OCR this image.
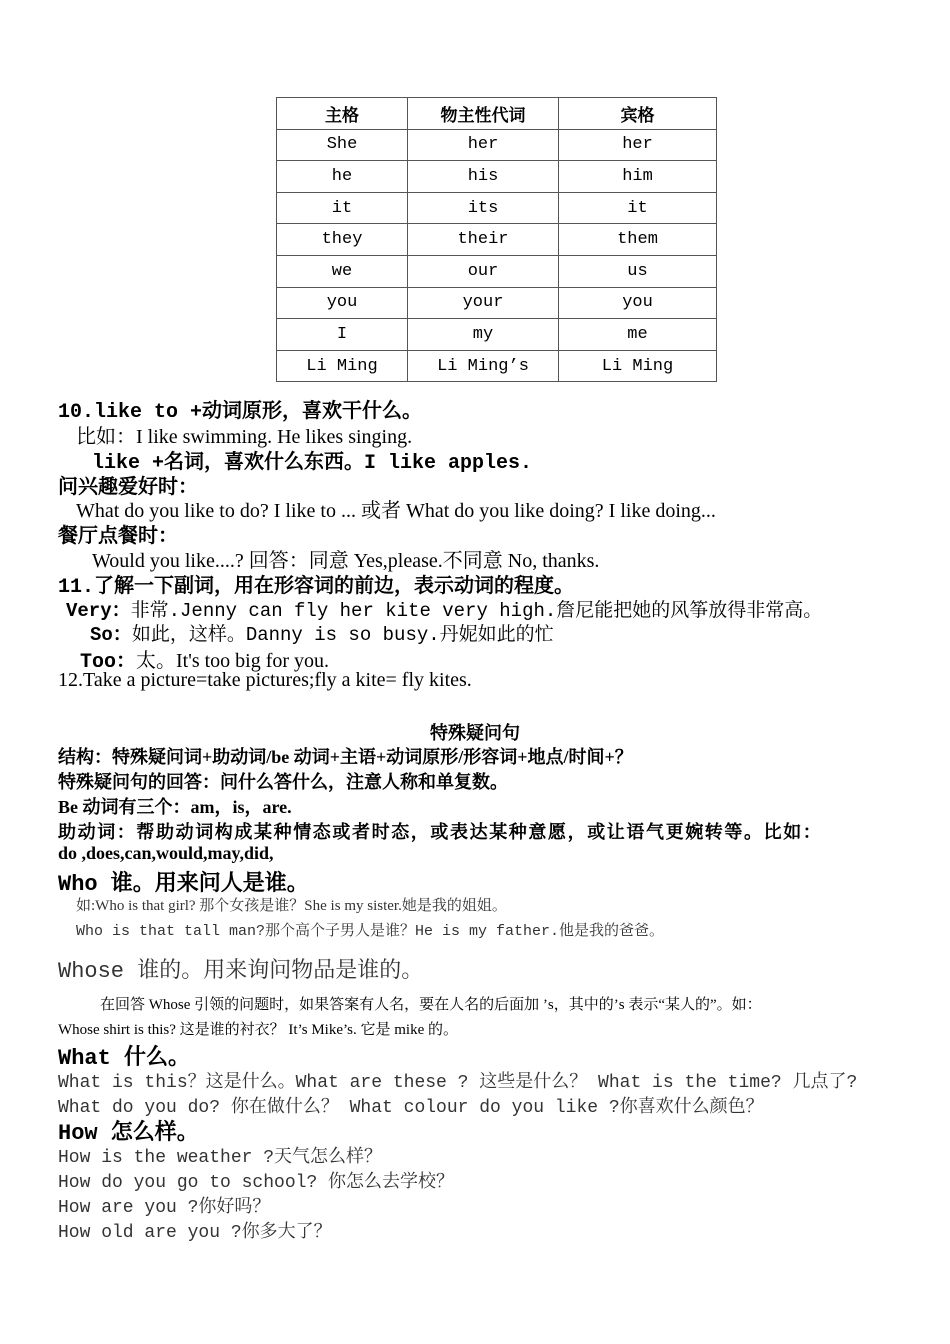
主格	物主性代词	宾格
She	her	her
he	his	him
it	its	it
they	their	them
we	our	us
you	your	you
I	my	me
Li Ming	Li Ming’s	Li Ming
10.like to +动词原形，喜欢干什么。
比如：I like swimming. He likes singing.
like +名词，喜欢什么东西。I like apples.
问兴趣爱好时：
What do you like to do? I like to ... 或者 What do you like doing? I like doing...
餐厅点餐时：
Would you like....? 回答：同意 Yes,please.不同意 No, thanks.
11.了解一下副词，用在形容词的前边，表示动词的程度。
Very：非常.Jenny can fly her kite very high.詹尼能把她的风筝放得非常高。
So：如此，这样。Danny is so busy.丹妮如此的忙
Too：太。It's too big for you.
12.Take a picture=take pictures;fly a kite= fly kites.
特殊疑问句
结构：特殊疑问词+助动词/be 动词+主语+动词原形/形容词+地点/时间+？
特殊疑问句的回答：问什么答什么，注意人称和单复数。
Be 动词有三个：am，is，are.
助动词：帮助动词构成某种情态或者时态，或表达某种意愿，或让语气更婉转等。比如：
do ,does,can,would,may,did,
Who 谁。用来问人是谁。
如:Who is that girl? 那个女孩是谁？She is my sister.她是我的姐姐。
Who is that tall man?那个高个子男人是谁？He is my father.他是我的爸爸。
Whose 谁的。用来询问物品是谁的。
在回答 Whose 引领的问题时，如果答案有人名，要在人名的后面加 ’s，其中的’s 表示“某人的”。如：
Whose shirt is this? 这是谁的衬衣？ It’s Mike’s. 它是 mike 的。
What 什么。
What is this？这是什么。What are these ? 这些是什么？ What is the time? 几点了?
What do you do? 你在做什么？ What colour do you like ?你喜欢什么颜色？
How 怎么样。
How is the weather ?天气怎么样？
How do you go to school? 你怎么去学校？
How are you ?你好吗？
How old are you ?你多大了？
